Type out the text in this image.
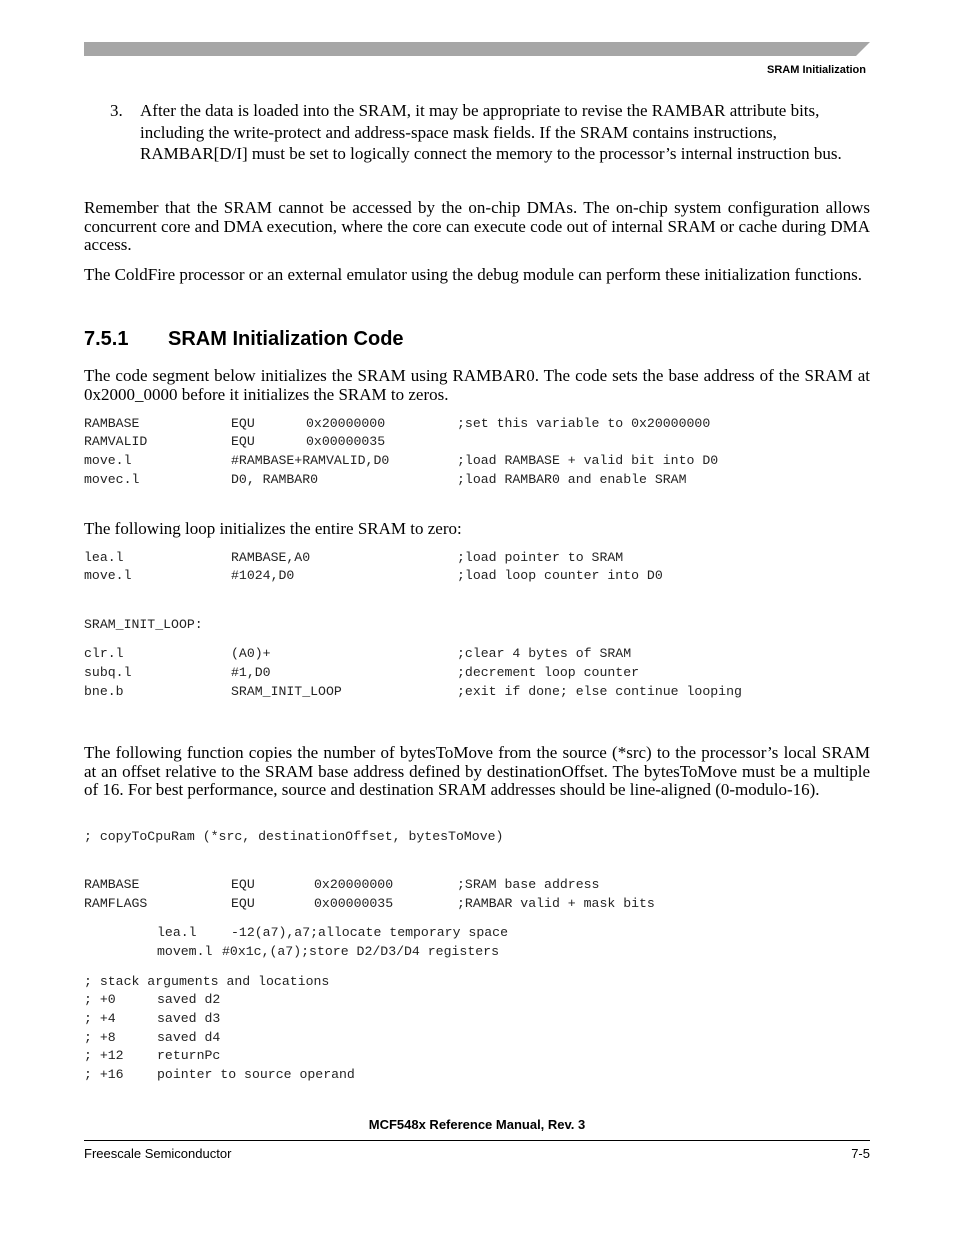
SRAM Initialization
3. After the data is loaded into the SRAM, it may be appropriate to revise the RAMBAR attribute bits, including the write-protect and address-space mask fields. If the SRAM contains instructions, RAMBAR[D/I] must be set to logically connect the memory to the processor’s internal instruction bus.
Remember that the SRAM cannot be accessed by the on-chip DMAs. The on-chip system configuration allows concurrent core and DMA execution, where the core can execute code out of internal SRAM or cache during DMA access.
The ColdFire processor or an external emulator using the debug module can perform these initialization functions.
7.5.1 SRAM Initialization Code
The code segment below initializes the SRAM using RAMBAR0. The code sets the base address of the SRAM at 0x2000_0000 before it initializes the SRAM to zeros.
RAMBASE	EQU	0x20000000	;set this variable to 0x20000000
RAMVALID	EQU	0x00000035
move.l	#RAMBASE+RAMVALID,D0	;load RAMBASE + valid bit into D0
movec.l	D0, RAMBAR0	;load RAMBAR0 and enable SRAM
The following loop initializes the entire SRAM to zero:
lea.l	RAMBASE,A0	;load pointer to SRAM
move.l	#1024,D0	;load loop counter into D0
SRAM_INIT_LOOP:
clr.l	(A0)+	;clear 4 bytes of SRAM
subq.l	#1,D0	;decrement loop counter
bne.b	SRAM_INIT_LOOP	;exit if done; else continue looping
The following function copies the number of bytesToMove from the source (*src) to the processor’s local SRAM at an offset relative to the SRAM base address defined by destinationOffset. The bytesToMove must be a multiple of 16. For best performance, source and destination SRAM addresses should be line-aligned (0-modulo-16).
; copyToCpuRam (*src, destinationOffset, bytesToMove)
RAMBASE	EQU	0x20000000	;SRAM base address
RAMFLAGS	EQU	0x00000035	;RAMBAR valid + mask bits
lea.l	-12(a7),a7;allocate temporary space
movem.l #0x1c,(a7);store D2/D3/D4 registers
; stack arguments and locations
; +0	saved d2
; +4	saved d3
; +8	saved d4
; +12	returnPc
; +16	pointer to source operand
MCF548x Reference Manual, Rev. 3
Freescale Semiconductor	7-5
